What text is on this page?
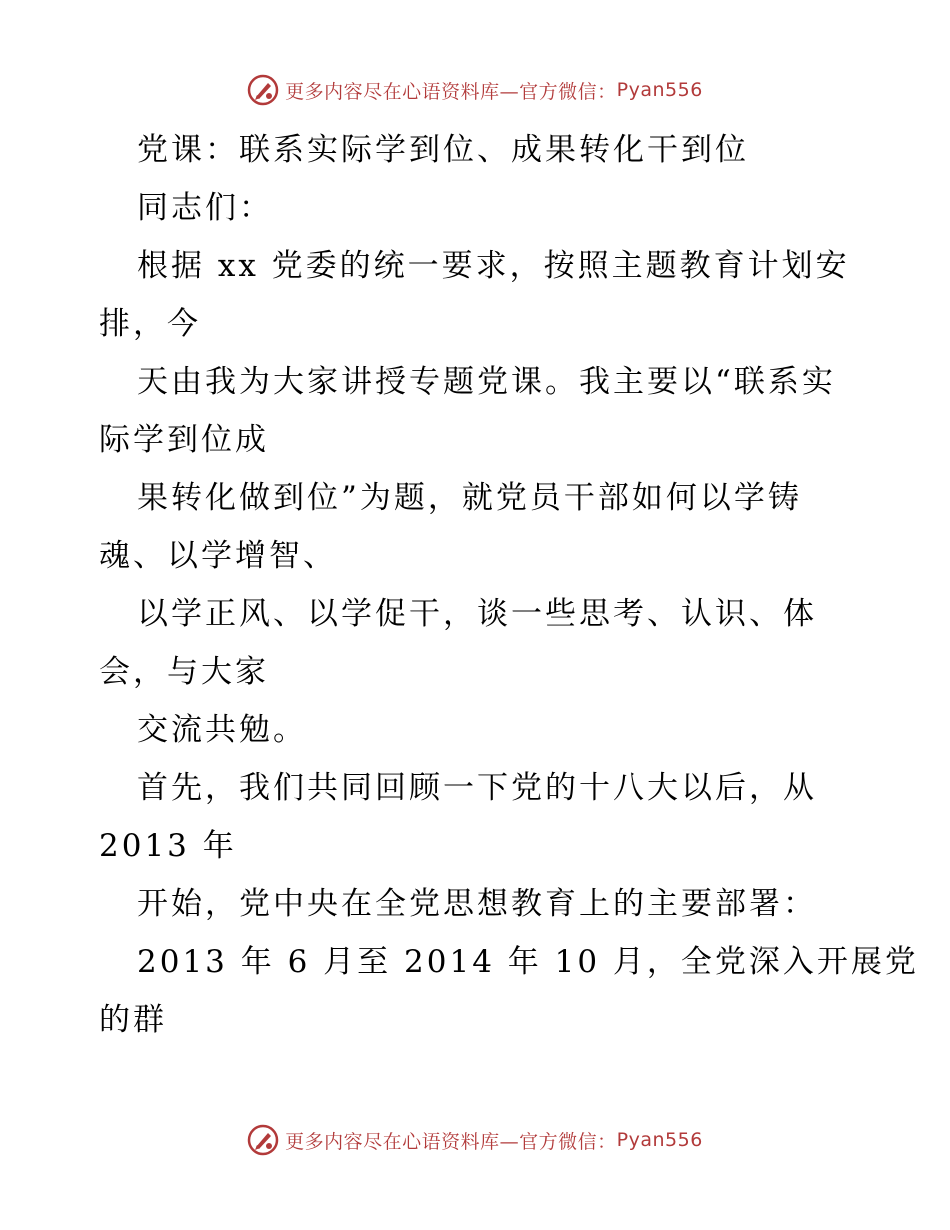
更多内容尽在心语资料库—官方微信： Pyan556
党课：联系实际学到位、成果转化干到位
同志们：
根据 xx 党委的统一要求，按照主题教育计划安
排，今
天由我为大家讲授专题党课。我主要以“联系实
际学到位成
果转化做到位”为题，就党员干部如何以学铸
魂、以学增智、
以学正风、以学促干，谈一些思考、认识、体
会，与大家
交流共勉。
首先，我们共同回顾一下党的十八大以后，从
2013 年
开始，党中央在全党思想教育上的主要部署：
2013 年 6 月至 2014 年 10 月，全党深入开展党
的群
更多内容尽在心语资料库—官方微信： Pyan556
